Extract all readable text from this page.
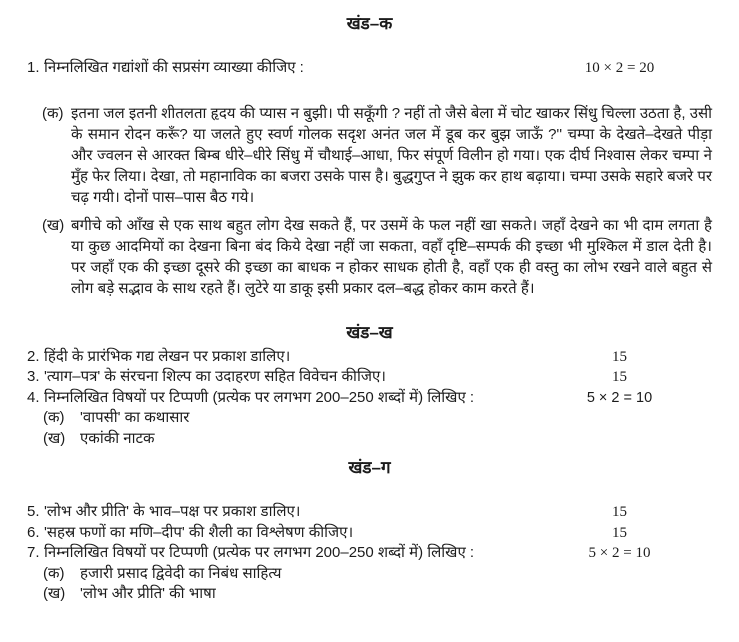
खंड–क
1. निम्नलिखित गद्यांशों की सप्रसंग व्याख्या कीजिए :	10 × 2 = 20
(क) इतना जल इतनी शीतलता हृदय की प्यास न बुझी। पी सकूँगी ? नहीं तो जैसे बेला में चोट खाकर सिंधु चिल्ला उठता है, उसी के समान रोदन करूँ? या जलते हुए स्वर्ण गोलक सदृश अनंत जल में डूब कर बुझ जाऊँ ?'' चम्पा के देखते–देखते पीड़ा और ज्वलन से आरक्त बिम्ब धीरे–धीरे सिंधु में चौथाई–आधा, फिर संपूर्ण विलीन हो गया। एक दीर्घ निश्वास लेकर चम्पा ने मुँह फेर लिया। देखा, तो महानाविक का बजरा उसके पास है। बुद्धगुप्त ने झुक कर हाथ बढ़ाया। चम्पा उसके सहारे बजरे पर चढ़ गयी। दोनों पास–पास बैठ गये।
(ख) बगीचे को आँख से एक साथ बहुत लोग देख सकते हैं, पर उसमें के फल नहीं खा सकते। जहाँ देखने का भी दाम लगता है या कुछ आदमियों का देखना बिना बंद किये देखा नहीं जा सकता, वहाँ दृष्टि–सम्पर्क की इच्छा भी मुश्किल में डाल देती है। पर जहाँ एक की इच्छा दूसरे की इच्छा का बाधक न होकर साधक होती है, वहाँ एक ही वस्तु का लोभ रखने वाले बहुत से लोग बड़े सद्भाव के साथ रहते हैं। लुटेरे या डाकू इसी प्रकार दल–बद्ध होकर काम करते हैं।
खंड–ख
2. हिंदी के प्रारंभिक गद्य लेखन पर प्रकाश डालिए।	15
3. 'त्याग–पत्र' के संरचना शिल्प का उदाहरण सहित विवेचन कीजिए।	15
4. निम्नलिखित विषयों पर टिप्पणी (प्रत्येक पर लगभग 200–250 शब्दों में) लिखिए :	5 × 2 = 10
(क)	'वापसी' का कथासार
(ख) एकांकी नाटक
खंड–ग
5. 'लोभ और प्रीति' के भाव–पक्ष पर प्रकाश डालिए।	15
6. 'सहस्र फणों का मणि–दीप' की शैली का विश्लेषण कीजिए।	15
7. निम्नलिखित विषयों पर टिप्पणी (प्रत्येक पर लगभग 200–250 शब्दों में) लिखिए :	5 × 2 = 10
(क)	हजारी प्रसाद द्विवेदी का निबंध साहित्य
(ख) 'लोभ और प्रीति' की भाषा
